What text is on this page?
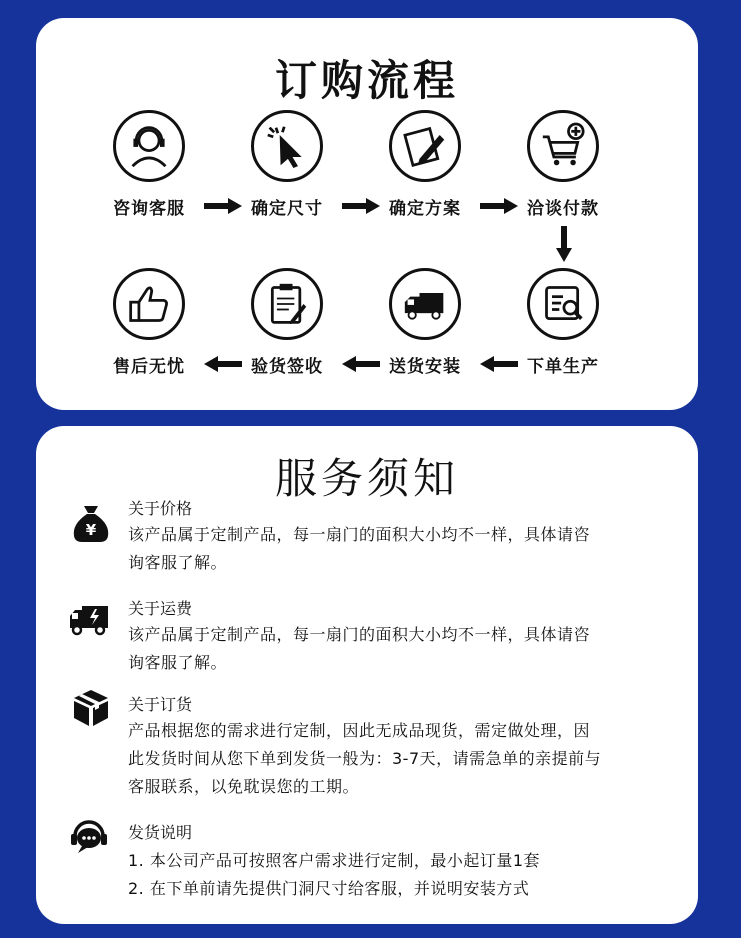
订购流程
咨询客服	确定尺寸	确定方案	洽谈付款
下单生产
送货安装
验货签收
售后无忧
服务须知
¥
关于价格
该产品属于定制产品，每一扇门的面积大小均不一样，具体请咨
询客服了解。
关于运费
该产品属于定制产品，每一扇门的面积大小均不一样，具体请咨
询客服了解。
关于订货
产品根据您的需求进行定制，因此无成品现货，需定做处理，因
此发货时间从您下单到发货一般为：3-7天，请需急单的亲提前与
客服联系，以免耽误您的工期。
发货说明
1. 本公司产品可按照客户需求进行定制，最小起订量1套
2. 在下单前请先提供门洞尺寸给客服，并说明安装方式
